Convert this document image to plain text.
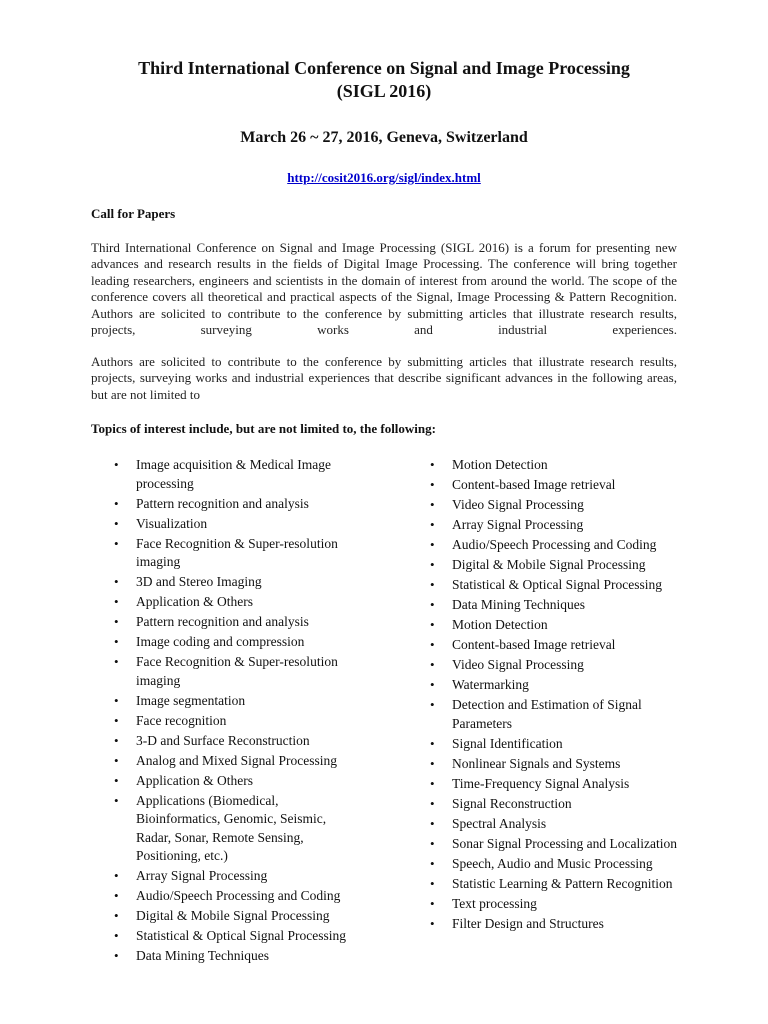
Third International Conference on Signal and Image Processing
(SIGL 2016)
March 26 ~ 27, 2016, Geneva, Switzerland
http://cosit2016.org/sigl/index.html
Call for Papers

Third International Conference on Signal and Image Processing (SIGL 2016) is a forum for presenting new advances and research results in the fields of Digital Image Processing. The conference will bring together leading researchers, engineers and scientists in the domain of interest from around the world. The scope of the conference covers all theoretical and practical aspects of the Signal, Image Processing & Pattern Recognition. Authors are solicited to contribute to the conference by submitting articles that illustrate research results, projects, surveying works and industrial experiences.

Authors are solicited to contribute to the conference by submitting articles that illustrate research results, projects, surveying works and industrial experiences that describe significant advances in the following areas, but are not limited to

Topics of interest include, but are not limited to, the following:
• Image acquisition & Medical Image processing
• Pattern recognition and analysis
• Visualization
• Face Recognition & Super-resolution imaging
• 3D and Stereo Imaging
• Application & Others
• Pattern recognition and analysis
• Image coding and compression
• Face Recognition & Super-resolution imaging
• Image segmentation
• Face recognition
• 3-D and Surface Reconstruction
• Analog and Mixed Signal Processing
• Application & Others
• Applications (Biomedical, Bioinformatics, Genomic, Seismic, Radar, Sonar, Remote Sensing, Positioning, etc.)
• Array Signal Processing
• Audio/Speech Processing and Coding
• Digital & Mobile Signal Processing
• Statistical & Optical Signal Processing
• Data Mining Techniques
• Motion Detection
• Content-based Image retrieval
• Video Signal Processing
• Array Signal Processing
• Audio/Speech Processing and Coding
• Digital & Mobile Signal Processing
• Statistical & Optical Signal Processing
• Data Mining Techniques
• Motion Detection
• Content-based Image retrieval
• Video Signal Processing
• Watermarking
• Detection and Estimation of Signal Parameters
• Signal Identification
• Nonlinear Signals and Systems
• Time-Frequency Signal Analysis
• Signal Reconstruction
• Spectral Analysis
• Sonar Signal Processing and Localization
• Speech, Audio and Music Processing
• Statistic Learning & Pattern Recognition
• Text processing
• Filter Design and Structures
